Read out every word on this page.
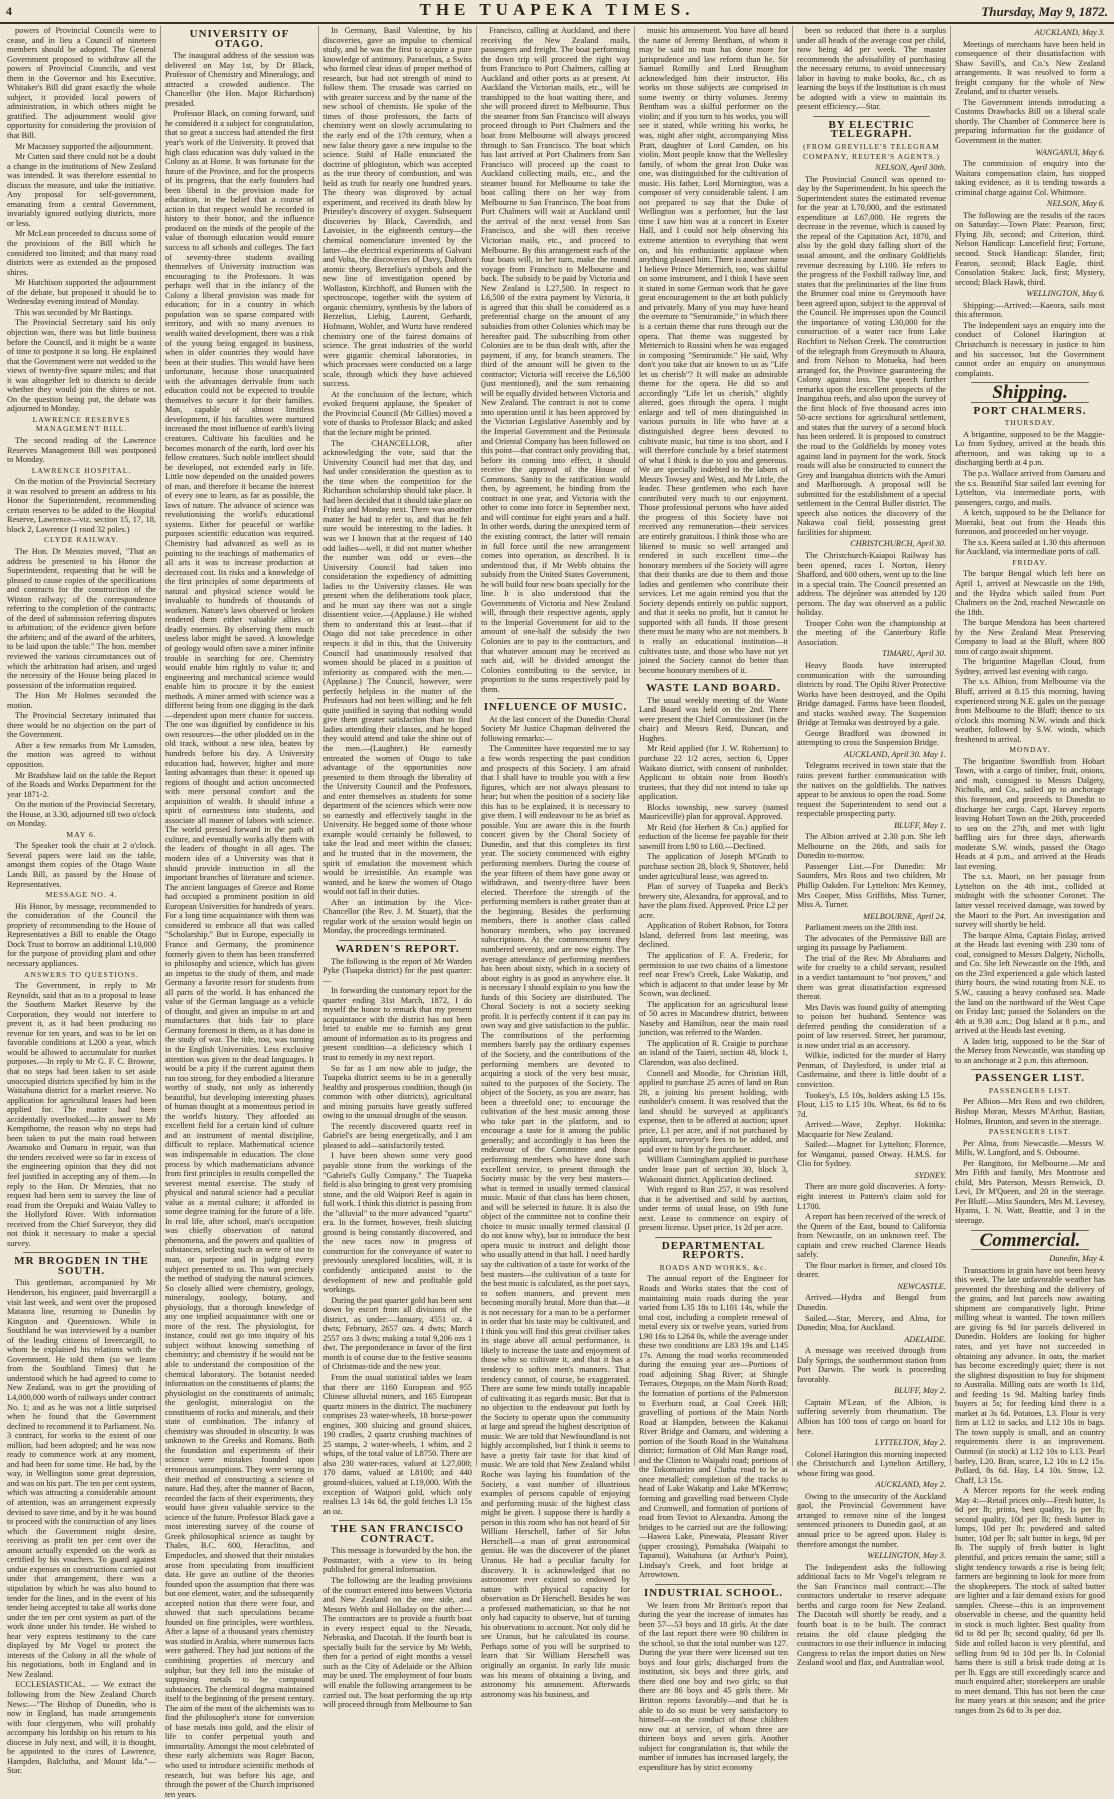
4	THE TUAPEKA TIMES.	Thursday, May 9, 1872.

powers of Provincial Councils were to cease, and in lieu a Council of nineteen members should be adopted. The General Government proposed to withdraw all the powers of Provincial Councils, and vest them in the Governor and his Executive. Whitaker's Bill did grant exactly the whole subject, it provided local powers of administration, in which others might be gratified. The adjournment would give opportunity for considering the provision of that Bill.

Mr Macassey supported the adjournment.

Mr Cutten said there could not be a doubt a change in the institutions of New Zealand was intended. It was therefore essential to discuss the measure, and take the initiative. Any proposal for self-government, emanating from a central Government, invariably ignored outlying districts, more or less.

Mr McLean proceeded to discuss some of the provisions of the Bill which he considered too limited; and that many road districts were as extended as the proposed shires.

Mr Hutchison supported the adjournment of the debate, but proposed it should be to Wednesday evening instead of Monday.

This was seconded by Mr Bastings.

The Provincial Secretary said his only objection was, there was but little business before the Council, and it might be a waste of time to postpone it so long. He explained that the Government were not wedded to the views of twenty-five square miles; and that it was altogether left to districts to decide whether they would join the shires or not. On the question being put, the debate was adjourned to Monday.

LAWRENCE RESERVES MANAGEMENT BILL.

The second reading of the Lawrence Reserves Management Bill was postponed to Monday.

LAWRENCE HOSPITAL.

On the motion of the Provincial Secretary it was resolved to present an address to his Honor the Superintendent, recommending certain reserves to be added to the Hospital Reserve, Lawrence—viz. section 15, 17, 18, block 2, Lawrence (1 rood 32 poles.)

CLYDE RAILWAY.

The Hon. Dr Menzies moved, "That an address be presented to his Honor the Superintendent, requesting that he will be pleased to cause copies of the specifications and contracts for the construction of the Winton railway; of the correspondence referring to the completion of the contracts; of the deed of submission referring disputes to arbitration; of the evidence given before the arbiters; and of the award of the arbiters, to be laid upon the table." The hon. member reviewed the various circumstances out of which the arbitration had arisen, and urged the necessity of the House being placed in possession of the information required.

The Hon Mr Holmes seconded the motion.

The Provincial Secretary intimated that there would be no objection on the part of the Government.

After a few remarks from Mr Lumsden, the motion was agreed to without opposition.

Mr Bradshaw laid on the table the Report of the Roads and Works Department for the year 1871-2.

On the motion of the Provincial Secretary, the House, at 3.30, adjourned till two o'clock on Monday.

MAY 6.

The Speaker took the chair at 2 o'clock. Several papers were laid on the table, amongst them copies of the Otago Waste Lands Bill, as passed by the House of Representatives.

MESSAGE NO. 4.

His Honor, by message, recommended to the consideration of the Council the propriety of recommending to the House of Representatives a Bill to enable the Otago Dock Trust to borrow an additional L10,000 for the purpose of providing plant and other necessary appliances.

ANSWERS TO QUESTIONS.

The Government, in reply to Mr Reynolds, said that as to a proposal to lease the Southern Market Reserve by the Corporation, they would not interfere to prevent it, as it had been producing no revenue for ten years, and was to be let on favorable conditions at L200 a year, which would be allowed to accumulate for market purposes.—In reply to Mr G. F. C. Browne, that no steps had been taken to set aside unoccupied districts specified by him in the Waitahuna district for a market reserve. No application for agricultural leases had been applied for. The matter had been accidentally overlooked.—In answer to Mr Kempthorne, the reason why no steps had been taken to put the main road between Awamoko and Oamaru in repair, was that the tenders received were so far in excess of the engineering opinion that they did not feel justified in accepting any of them.—In reply to the Hon. Dr Menzies, that no request had been sent to survey the line of road from the Orepuki and Waiau Valley to the Hollyford River. With information received from the Chief Surveyor, they did not think it necessary to make a special survey.

MR BROGDEN IN THE SOUTH.

This gentleman, accompanied by Mr Henderson, his engineer, paid Invercargill a visit last week, and went over the proposed Mataura line, returning to Dunedin by Kingston and Queenstown. While in Southland he was interviewed by a number of the leading citizens of Invercargill, to whom he explained his relations with the Government. He told them (so we learn from the Southland Times) that he understood which he had agreed to come to New Zealand, was to get the providing of L4,000,000 worth of railways under contract No. 1; and as he was not a little surprised when he found that the Government declined to recommend it to Parliament. No. 3 contract, for works to the extent of one million, had been adopted; and he was now ready to commence work at any moment, and had been for some time. He had, by the way, in Wellington some great depression, and was on his part. The ten per cent system, which was attracting a considerable amount of attention, was an arrangement expressly devised to save time, and by it he was bound to proceed with the construction of any lines which the Government might desire, receiving as profit ten per cent over the amount actually expended on the work as certified by his vouchers. To guard against undue expenses on constructions carried out under that arrangement, there was a stipulation by which he was also bound to tender for the lines, and in the event of his tender being accepted to take all works done under the ten per cent system as part of the work done under his tender. He wished to hear very express testimony to the care displayed by Mr Vogel to protect the interests of the Colony in all the whole of his negotiations, both in England and in New Zealand.

ECCLESIASTICAL. — We extract the following from the New Zealand Church News:—"The Bishop of Dunedin, who is now in England, has made arrangements with four clergymen, who will probably accompany his lordship on his return to his diocese in July next, and will, it is thought, be appointed to the cures of Lawrence, Hampden, Balclutha, and Mount Ida."—Star.

UNIVERSITY OF OTAGO.

The inaugural address of the session was delivered on May 1st, by Dr Black, Professor of Chemistry and Mineralogy, and attracted a crowded audience. The Chancellor (the Hon. Major Richardson) presided.

Professor Black, on coming forward, said he considered it a subject for congratulation, that so great a success had attended the first year's work of the University. It proved that high class education was duly valued in the Colony as at Home. It was fortunate for the future of the Province, and for the prospects of its progress, that the early founders had been liberal in the provision made for education, in the belief that a course of action in that respect would be recorded in history to their honor, and the influence produced on the minds of the people of the value of thorough education would ensure success to all schools and colleges. The fact of seventy-three students availing themselves of University instruction was encouraging to the Professors. It was perhaps well that in the infancy of the Colony a liberal provision was made for education; for in a country in which population was so sparse compared with territory, and with so many avenues to wealth waited development, there was a risk of the young being engaged in business, when in older countries they would have been at their studies. This would have been unfortunate, because those unacquainted with the advantages derivable from such education could not be expected to trouble themselves to secure it for their families. Man, capable of almost limitless development, if his faculties were nurtured increased the most influence of earth's living creatures. Cultivate his faculties and he becomes monarch of the earth, lord over his fellow creatures. Such noble intellect should be developed, not extended early in life. Little now depended on the unaided powers of man, and therefore it became the interest of every one to learn, as far as possible, the laws of nature. The advance of science was revolutionising the world's educational systems. Either for peaceful or warlike purposes scientific education was required. Chemistry had advanced as well as in pointing to the teachings of mathematics of all arts it was to increase production at decreased cost. Its risks and a knowledge of the first principles of some departments of natural and physical science would be invaluable to hundreds of thousands of workmen. Nature's laws observed or broken rendered them either valuable allies or deadly enemies. By observing them much useless labor might be saved. A knowledge of geology would often save a miner infinite trouble in searching for ore. Chemistry would enable him rightly to value it; and engineering and mechanical science would enable him to procure it by the easiest methods. A miner armed with science was a different being from one digging in the dark—dependent upon mere chance for success. The one was dignified by confidence in his own resources—the other plodded on in the old track, without a new idea, beaten by hundreds before his day. A University education had, however, higher and more lasting advantages than these: it opened up regions of thought and action unconnected with mere personal comfort and the acquisition of wealth. It should infuse a spirit of earnestness into students, and associate all manner of labors with science. The world pressed forward in the path of culture, and eventually works ally them with the leaders of thought in all ages. The modern idea of a University was that it should provide instruction in all the important branches of literature and science. The ancient languages of Greece and Rome had occupied a prominent position in old European Universities for hundreds of years. For a long time acquaintance with them was considered to embrace all that was called "Scholarship." But in Europe, especially in France and Germany, the prominence formerly given to them has been transferred to philosophy and science, which has given an impetus to the study of them, and made Germany a favorite resort for students from all parts of the world. It has enhanced the value of the German language as a vehicle of thought, and given an impulse to art and manufactures that bids fair to place Germany foremost in them, as it has done in the study of war. The tide, too, was turning in the English Universities. Less exclusive attention was given to the dead languages. It would be a pity if the current against them ran too strong, for they embodied a literature worthy of study, not only as inherently beautiful, but developing interesting phases of human thought at a momentous period in the world's history. They afforded an excellent field for a certain kind of culture and an instrument of mental discipline, difficult to replace. Mathematical science was indispensable in education. The close process by which mathematicians advance from first principles to results compelled the severest mental exercise. The study of physical and natural science had a peculiar value as a mental culture; it afforded in some degree training for the future of a life. In real life, after school, man's occupation was chiefly observation of natural phenomena, and the powers and qualities of substances, selecting such as were of use to man, or purpose and in judging every subject presented to us. This was precisely the method of studying the natural sciences. So closely allied were chemistry, geology, mineralogy, zoology, botany, and physiology, that a thorough knowledge of any one implied acquaintance with one or more of the rest. The physiologist, for instance, could not go into inquiry of his subject without knowing something of chemistry; and chemistry if he would not be able to understand the composition of the chemical laboratory. The botanist needed information on the constituents of plants; the physiologist on the constituents of animals; the geologist, mineralogist on the constituents of rocks and minerals, and their state of combination. The infancy of chemistry was shrouded in obscurity. It was unknown to the Greeks and Romans. Both the foundation and experiments of their science were mistakes founded upon erroneous assumptions. They were wrong in their method of constructing a science of nature. Had they, after the manner of Bacon, recorded the facts of their experiments, they would have given valuable service to the science of the future. Professor Black gave a most interesting survey of the course of Greek philosophical science as taught by Thales, B.C. 600, Heraclitus, and Empedocles, and showed that their mistakes arose from speculating from insufficient data. He gave an outline of the theories founded upon the assumption that there was but one element, water, and the subsequently accepted notion that there were four, and showed that such speculations became founded on fine principles, were worthless. After a lapse of a thousand years chemistry was studied in Arabia, where numerous facts were gathered. They had just notions of the combining properties of mercury and sulphur, but they fell into the mistake of supposing metals to be compound substances. The chemical dogma maintained itself to the beginning of the present century. The aim of the most of the alchemists was to find the philosopher's stone for conversion of base metals into gold, and the elixir of life to confer perpetual youth and immortality. Amongst the most celebrated of these early alchemists was Roger Bacon, who used to introduce scientific methods of research, but was before his age, and through the power of the Church imprisoned ten years.

In Germany, Basil Valentine, by his discoveries, gave an impulse to chemical study, and he was the first to acquire a pure knowledge of antimony. Paracelsus, a Swiss who formed clear ideas of proper method of research, but had not strength of mind to follow them. The crusade was carried on with greater success and by the name of the new school of chemists. He spoke of the times of those professors, the facts of chemistry went on slowly accumulating to the early end of the 17th century, when a new false theory gave a new impulse to the science. Stahl of Halle enunciated the doctrine of phlogiston, which was accepted as the true theory of combustion, and was held as truth for nearly one hundred years. The theory was disproved by actual experiment, and received its death blow by Priestley's discovery of oxygen. Subsequent discoveries by Black, Cavendish, and Lavoisier, in the eighteenth century—the chemical nomenclature invented by the latter—the electrical experiments of Galvani and Volta, the discoveries of Davy, Dalton's atomic theory, Berzelius's symbols and the new line of investigation opened by Wollaston, Kirchhoff, and Bunsen with the spectroscope, together with the system of organic chemistry, synthesis by the labors of Berzelius, Liebig, Laurent, Gerhardt, Hofmann, Wohler, and Wurtz have rendered chemistry one of the fairest domains of science. The great industries of the world were gigantic chemical laboratories, in which processes were conducted on a large scale, through which they have achieved success.

At the conclusion of the lecture, which evoked frequent applause, the Speaker of the Provincial Council (Mr Gillies) moved a vote of thanks to Professor Black; and asked that the lecture might be printed.

The CHANCELLOR, after acknowledging the vote, said that the University Council had met that day, and had under consideration the question as to the time when the competition for the Richardson scholarship should take place. It had been decided that it should take place on Friday and Monday next. There was another matter he had to refer to, and that he felt sure would be interesting to the ladies. It was we I known that at the request of 140 odd ladies—well, it did not matter whether the number was odd or even—the University Council had taken into consideration the expediency of admitting ladies to the University classes. He was present when the deliberations took place, and he must say there was not a single dissentient voice.—(Applause.) He wished them to understand this at least—that if Otago did not take precedence in other respects it did in this, that the University Council had unanimously resolved that women should be placed in a position of inferiority as compared with the men.—(Applause.) The Council, however, were perfectly helpless in the matter of the Professors had not been willing; and he felt quite justified in saying that nothing would give them greater satisfaction than to find ladies attending their classes, and he hoped they would attend and take the shine out of the men.—(Laughter.) He earnestly entreated the women of Otago to take advantage of the opportunities now presented to them through the liberality of the University Council and the Professors, and enter themselves as students for some department of the sciences which were now so earnestly and effectively taught in the University. He begged some of those whose example would certainly be followed, to take the lead and meet within the classes; and he trusted that in the movement, the spirit of emulation the movement which would be irresistible. An example was wanted, and he knew the women of Otago would not fall in their duties.

After an intimation by the Vice-Chancellor (the Rev. J. M. Stuart), that the regular work of the session would begin on Monday, the proceedings terminated.

WARDEN'S REPORT.

The following is the report of Mr Warden Pyke (Tuapeka district) for the past quarter:—

In forwarding the customary report for the quarter ending 31st March, 1872, I do myself the honor to remark that my present acquaintance with the district has not been brief to enable me to furnish any great amount of information as to its progress and present condition—a deficiency which I trust to remedy in my next report.

So far as I am now able to judge, the Tuapeka district seems to be in a generally healthy and prosperous condition, though (in common with other districts), agricultural and mining pursuits have greatly suffered owing to the unusual drought of the season.

The recently discovered quartz reef in Gabriel's are being energetically, and I am pleased to add—satisfactorily tested.

I have been shown some very good payable stone from the workings of the "Gabriel's Gully Company." The Tuapeka field is also bringing to great very promising stone, and the old Waipori Reef is again in full work. I think this district is passing from the "alluvial" to the more advanced "quartz" era. In the former, however, fresh sluicing ground is being constantly discovered, and the new races now in progress of construction for the conveyance of water to previously unexplored localities, will, it is confidently anticipated assist to the development of new and profitable gold workings.

During the past quarter gold has been sent down by escort from all divisions of the district, as under:—January, 4551 oz. 4 dwts; February, 2657 ozs. 4 dwts; March 2557 ozs 3 dwts; making a total 9,206 ozs 1 dwt. The preponderance in favor of the first month is of course due to the festive seasons of Christmas-tide and the new year.

From the usual statistical tables we learn that there are 1160 European and 955 Chinese alluvial miners, and 165 European quartz miners in the district. The machinery comprises 23 water-wheels, 18 horse-power engines, 300 sluicing and ground sluices, 190 cradles, 2 quartz crushing machines of 25 stamps, 2 water-wheels, 1 whim, and 2 whips, of the total value of L8750. There are also 230 water-races, valued at L27,000; 170 dams, valued at L8100; and 440 ground-sluices, valued at L19,000. With the exception of Waipori gold, which only realises L3 14s 6d, the gold fetches L3 15s an oz.

THE SAN FRANCISCO CONTRACT.

This message is forwarded by the hon. the Postmaster, with a view to its being published for general information.

The following are the leading provisions of the contract entered into between Victoria and New Zealand on the one side, and Messrs Webb and Holladay on the other:—The contractors are to provide a fourth boat in every respect equal to the Nevada, Nebraska, and Dacotah. If the fourth boat is specially built for the service by Mr Webb, then for a period of eight months a vessel such as the City of Adelaide or the Albion may be used. The employment of four boats will enable the following arrangement to be carried out. The boat performing the up trip will proceed through from Melbourne to San

Francisco, calling at Auckland, and there receiving the New Zealand mails, passengers and freight. The boat performing the down trip will proceed the right way from Francisco to Port Chalmers, calling at Auckland and other ports as at present. At Auckland the Victorian mails, etc., will be transhipped to the boat waiting there, and she will proceed direct to Melbourne. Thus the steamer from San Francisco will always proceed through to Port Chalmers and the boat from Melbourne will always proceed through to San Francisco. The boat which has last arrived at Port Chalmers from San Francisco will proceed up the coast to Auckland collecting mails, etc., and the steamer bound for Melbourne to take the boat calling there on her way from Melbourne to San Francisco. The boat from Port Chalmers will wait at Auckland until the arrival of the next vessel from San Francisco, and she will then receive Victorian mails, etc., and proceed to Melbourne. By this arrangement each of the four boats will, in her turn, make the round voyage from Francisco to Melbourne and back. The subsidy to be paid by Victoria and New Zealand is L27,500. In respect to L6,500 of the extra payment by Victoria, it is agreed that this shall be considered as a preferential charge on the amount of any subsidies from other Colonies which may be hereafter paid. The subscribing from other Colonies are to be thus dealt with, after the payment, if any, for branch steamers. The third of the amount will be given to the contractor; Victoria will receive the L6,500 (just mentioned), and the sum remaining will be equally divided between Victoria and New Zealand. The contract is not to come into operation until it has been approved by the Victorian Legislative Assembly and by the Imperial Government and the Peninsula and Oriental Company has been followed on this point—that contract only providing that, before its coming into effect, it should receive the approval of the House of Commons. Sanity to the ratification would then, by agreement, be binding from the contract in one year, and Victoria with the other to come into force in September next, and will continue for eight years and a half. In other words, during the unexpired term of the existing contract, the latter will remain in full force until the new arrangement comes into operation, as described. It is understood that, if Mr Webb obtains the subsidy from the United States Government, he will build four new boats specially for the line. It is also understood that the Governments of Victoria and New Zealand will, through their respective agents, apply to the Imperial Government for aid to the amount of one-half the subsidy the two Colonies are to pay to the contractors, and that whatever amount may be received as such aid, will be divided amongst the Colonies contributing to the service, in proportion to the sums respectively paid by them.

INFLUENCE OF MUSIC.

At the last concert of the Dunedin Choral Society Mr Justice Chapman delivered the following remarks:—

The Committee have requested me to say a few words respecting the past condition and prospects of this Society. I am afraid that I shall have to trouble you with a few figures, which are not always pleasant to hear; but when the position of a society like this has to be explained, it is necessary to give them. I will endeavour to be as brief as possible. You are aware this is the fourth concert given by the Choral Society of Dunedin, and that this completes its first year. The society commenced with eighty performing members. During the course of the year fifteen of them have gone away or withdrawn, and twenty-three have been elected. Therefore the strength of the performing members is rather greater than at the beginning. Besides the performing members, there is another class called honorary members, who pay increased subscriptions. At the commencement they numbered seventy, and are now eighty. The average attendance of performing members has been about sixty, which in a society of about eighty is as good as anywhere else. It is necessary I should explain to you how the funds of this Society are distributed. The Choral Society is not a society seeking profit. It is perfectly content if it can pay its own way and give satisfaction to the public. The contributions of the performing members barely pay the ordinary expenses of the Society, and the contributions of the performing members are devoted to acquiring a stock of the very best music, suited to the purposes of the Society. The object of the Society, as you are aware, has been a threefold one; to encourage the cultivation of the best music among those who take part in the platform, and to encourage a taste for it among the public generally; and accordingly it has been the endeavour of the Committee and those performing members who have done such excellent service, to present through the Society music by the very best masters—what is termed in usually termed classical music. Music of that class has been chosen, and will be selected in future. It is also the object of the committee not to confine their choice to music usually termed classical (I do not know why), but to introduce the best opera music to instruct and delight those who usually attend in that hall. I need hardly say the cultivation of a taste for works of the best masters—the cultivation of a taste for the best music is calculated, as the poet says, to soften manners, and prevent men becoming morally brutal. More than that—it is not necessary for a man to be a performer in order that his taste may be cultivated, and I think you will find this great civiliser takes its stage above all actual performance, is likely to increase the taste and enjoyment of those who so cultivate it, and that it has a tendency to soften men's manners. That tendency cannot, of course, be exaggerated. There are some few minds totally incapable of cultivating it as regards music. But that is no objection to the endeavour put forth by the Society to operate upon the community at large and spread the highest description of music. We are told that Newfoundland is not highly accomplished, but I think it seems to have a pretty fair taste for that kind of music. We are told that New Zealand whilst Roche was laying his foundation of the Society, a vast number of illustrious examples of persons capable of enjoying and performing music of the highest class might be given. I suppose there is hardly a person in this room who has not heard of Sir William Herschell, father of Sir John Herschell—a man of great astronomical genius. He was the discoverer of the planet Uranus. He had a peculiar faculty for discovery. It is acknowledged that no astronomer ever existed so endowed by nature with physical capacity for observation as Dr Herschell. Besides he was a professed mathematician, so that he not only had capacity to observe, but of turning his observations to account. Not only did he see Uranus, but he calculated its course. Perhaps some of you will be surprised to learn that Sir William Herschell was originally an organist. In early life music was his means of obtaining a living, and astronomy his amusement. Afterwards astronomy was his business, and

music his amusement. You have all heard the name of Jeremy Bentham, of whom it may be said no man has done more for jurisprudence and law reform than he. Sir Samuel Romilly and Lord Brougham acknowledged him their instructor. His works on those subjects are comprised in some twenty or thirty volumes. Jeremy Bentham was a skilful performer on the violin; and if you turn to his works, you will see it stated, while writing his works, he was, night after night, accompanying Miss Pratt, daughter of Lord Camden, on his violin. Most people know that the Wellesley family, of whom the great Iron Duke was one, was distinguished for the cultivation of music. His father, Lord Mornington, was a composer of very considerable talent. I am not prepared to say that the Duke of Wellington was a performer, but the last time I saw him was at a concert in Exeter Hall, and I could not help observing his extreme attention to everything that went on, and his enthusiastic applause when anything pleased him. There is another name I believe Prince Metternich, too, was skilful on some instrument, and I think I have seen it stated in some German work that he gave great encouragement to the art both publicly and privately. Many of you may have heard the overture to "Semiramide," in which there is a certain theme that runs through out the opera. That theme was suggested by Metternich to Rossini when he was engaged in composing "Semiramide." He said, Why don't you take that air known to us as "Life let us cherish"? It will make an admirable theme for the opera. He did so and accordingly "Life let us cherish," slightly altered, goes through the opera. I might enlarge and tell of men distinguished in various pursuits in life who have at a distinguished degree been devoted to cultivate music, but time is too short, and I will therefore conclude by a brief statement of what I think is due to you and generous. We are specially indebted to the labors of Messrs Towsey and West, and Mr Little, the leader. These gentlemen who each have contributed very much to our enjoyment. Those professional persons who have aided the progress of this Society have not received any remuneration—their services are entirely gratuitous. I think those who are likened to music so well arranged and rendered in such excellent time—the honorary members of the Society will agree that their thanks are due to them and those ladies and gentlemen who contribute their services. Let me again remind you that the Society depends entirely on public support, and that it seeks no profit, but it cannot be supported with all funds. If those present there must be many who are not members. It is really an educational institution—it cultivates taste, and those who have not yet joined the Society cannot do better than become honorary members of it.

WASTE LAND BOARD.

The usual weekly meeting of the Waste Land Board was held on the 2nd. There were present the Chief Commissioner (in the chair) and Messrs Reid, Duncan, and Hughes.

Mr Reid applied (for J. W. Robertson) to purchase 22 1/2 acres, section 6, Upper Waikato district, with consent of runholder. Applicant to obtain note from Booth's trustees, that they did not intend to take up application.

Blocks township, new survey (named Mauriceville) plan for approval. Approved.

Mr Reid (for Herbert & Co.) applied for reduction of the license fee payable for their sawmill from L90 to L60.—Declined.

The application of Joseph M'Grath to purchase section 28, block 9, Shotover, held under agricultural lease, was agreed to.

Plan of survey of Tuapeka and Beck's brewery site, Alexandra, for approval, and to have the plans fixed. Approved. Price L2 per acre.

Application of Robert Robson, for Totora Island, deferred from last meeting, was declined.

The application of F. A. Frederic, for permission to use two chains of a limestone reef near Frew's Creek, Lake Wakatip, and which is adjacent to that under lease by Mr Scown, was declined.

The application for an agricultural lease of 50 acres in Macandrew district, between Naseby and Hamilton, near the main road junction, was referred to the Warden.

The application of R. Craigie to purchase an island of the Taieri, section 48, block 1, Clarendon, was also declined.

Connell and Moodie, for Christian Hill, applied to purchase 25 acres of land on Run 28, a joining his present holding, with runholder's consent. It was resolved that the land should be surveyed at applicant's expense, then to be offered at auction; upset price, L1 per acre, and if not purchased by applicant, surveyor's fees to be added, and paid over to him by the purchaser.

William Cunningham applied to purchase under lease part of section 30, block 3, Wakouaiti district. Application declined.

With regard to Run 257, it was resolved that it be advertised and sold by auction, under terms of usual lease, on 19th June next. Lease to commence on expiry of present license. Upset price, 1s 2d per acre.

DEPARTMENTAL REPORTS.
ROADS AND WORKS, &c.

The annual report of the Engineer for Roads and Works states that the cost of maintaining main roads during the year varied from L35 18s to L101 14s, while the total cost, including a complete renewal of metal every six or twelve years, varied from L90 16s to L264 0s, while the average under these two conditions are L83 19s and L145 17s. Among the road works recommended during the ensuing year are—Portions of road adjoining Shag River; at Shingle Terraces, Otepopo, on the Main North Road; the formation of portions of the Palmerston to Everburn road, at Coal Creek Hill; gravelling of portions of the Main North Road at Hampden, between the Kakanui River Bridge and Oamaru, and widening a portion of the South Road in the Waitahuna district; formation of Old Man Range road, and the Clinton to Waipahi road; portions of the Tokomairiro and Clutha road to be at once metalled; completion of the tracks to head of Lake Wakatip and Lake M'Kerrow; forming and gravelling road between Clyde and Cromwell, and formation of portions of road from Teviot to Alexandra. Among the bridges to be carried out are the following:—Hawea Lake, Pinewaia, Pleasant River (upper crossing), Pomahaka (Waipahi to Tapanui), Waitahuna (at Arthur's Point), Lindsay's Creek, and foot bridge at Arrowtown.

INDUSTRIAL SCHOOL.

We learn from Mr Britton's report that during the year the increase of inmates has been 57—53 boys and 18 girls. At the date of the last report there were 90 children in the school, so that the total number was 127. During the year there were licensed out ten boys and four girls; discharged from the institution, six boys and three girls, and there died one boy and two girls; so that there are 86 boys and 45 girls there. Mr Britton reports favorably—and that he is able to do so must be very satisfactory to himself—on the conduct of those children now out at service, of whom three are thirteen boys and seven girls. Another subject for congratulation is, that while the number of inmates has increased largely, the expenditure has by strict economy

been so reduced that there is a surplus under all heads of the average cost per child, now being 4d per week. The master recommends the advisability of purchasing the necessary returns, to avoid unnecessary labor in having to make books, &c., ch as learning the boys if the Institution is ch must be adopted with a view to maintain its present efficiency.—Star.

BY ELECTRIC TELEGRAPH.
(FROM GREVILLE'S TELEGRAM COMPANY, REUTER'S AGENTS.)
NELSON, April 30th.

The Provincial Council was opened to-day by the Superintendent. In his speech the Superintendent states the estimated revenue for the year at L70,000, and the estimated expenditure at L67,000. He regrets the decrease in the revenue, which is caused by the repeal of the Capitation Act, 1870, and also by the gold duty falling short of the usual amount, and the ordinary Goldfields revenue decreasing by L100. He refers to the progress of the Foxhill railway line, and states that the preliminaries of the line from the Brunner coal mine to Greymouth have been agreed upon, subject to the approval of the Council. He impresses upon the Council the importance of voting L30,000 for the construction of a water race from Lake Rochfort to Nelson Creek. The construction of the telegraph from Greymouth to Ahaura, and from Nelson to Motueka, had been arranged for, the Province guaranteeing the Colony against loss. The speech further remarks upon the excellent prospects of the Inangahua reefs, and also upon the survey of the first block of five thousand acres into 50-acre sections for agricultural settlement, and states that the survey of a second block has been ordered. It is proposed to construct the road to the Goldfields by money votes against land in payment for the work. Stock roads will also be constructed to connect the Grey and Inangahua districts with the Amuri and Marlborough. A proposal will be submitted for the establishment of a special settlement in the Central Buller district. The speech also notices the discovery of the Nakawa coal field, possessing great facilities for shipment.

CHRISTCHURCH, April 30.

The Christchurch-Kaiapoi Railway has been opened, races I. Norton, Henry Shafford, and 600 others, went up to the line in a special train. The Council presented an address. The déjeûner was attended by 120 persons. The day was observed as a public holiday.

Trooper Cohn won the championship at the meeting of the Canterbury Rifle Association.

TIMARU, April 30.

Heavy floods have interrupted communication with the surrounding districts by road. The Opihi River Protective Works have been destroyed, and the Opihi Bridge damaged. Farms have been flooded, and stacks washed away. The Suspension Bridge at Temuka was destroyed by a gale.

George Bradford was drowned in attempting to cross the Suspension Bridge.

AUCKLAND, April 30. May 1.

Telegrams received in town state that the rains prevent further communication with the natives on the goldfields. The natives appear to be anxious to open the road. Some request the Superintendent to send out a respectable prospecting party.

BLUFF, May 1.

The Albion arrived at 2.30 p.m. She left Melbourne on the 26th, and sails for Dunedin to-morrow.

Passenger List.—For Dunedin: Mr Saunders, Mrs Ross and two children, Mr Phillip Oakden. For Lyttelton: Mrs Kenney, Mrs Cooper, Miss Griffiths, Miss Turner, Miss A. Turner.

MELBOURNE, April 24.

Parliament meets on the 28th inst.

The advocates of the Permissive Bill are urging its passage by Parliament.

The trial of the Rev. Mr Abrahams and wife for cruelty to a child servant, resulted in a verdict tantamount to "not proven," and there was great dissatisfaction expressed thereat.

Mrs Davis was found guilty of attempting to poison her husband. Sentence was deferred pending the consideration of a point of law reserved. Street, her paramour, is now under trial as an accessory.

Wilkie, indicted for the murder of Harry Penman, of Daylesford, is under trial at Castlemaine, and there is little doubt of a conviction.

Tookey's, L5 10s, holders asking L5 15s. Flour, L15 to L15 10s. Wheat, 6s 6d to 6s 7d.

Arrived:—Wave, Zephyr. Hokitika: Macquarie for New Zealand.

Sailed:—Magnet for Lyttelton; Florence, for Wanganui, passed Otway. H.M.S. for Clio for Sydney.

SYDNEY.

There are more gold discoveries. A forty-eight interest in Pattern's claim sold for L1700.

A report has been received of the wreck of the Queen of the East, bound to California from Newcastle, on an unknown reef. The captain and crew reached Clarence Heads safely.

The flour market is firmer, and closed 10s dearer.

NEWCASTLE.

Arrived.—Hydra and Bengal from Dunedin.

Sailed.—Star, Mercey, and Alma, for Dunedin; Moa, for Auckland.

ADELAIDE.

A message was received through from Daly Springs, the southernmost station from Port Darwin. The work is proceeding favorably.

BLUFF, May 2.

Captain M'Lean, of the Albion, is suffering severely from rheumatism. The Albion has 100 tons of cargo on board for here.

LYTTELTON, May 2.

Colonel Harington this morning inspected the Christchurch and Lyttelton Artillery, whose firing was good.

AUCKLAND, May 2.

Owing to the unsecurity of the Auckland gaol, the Provincial Government have arranged to remove nine of the longest sentenced prisoners to Dunedin gaol, at an annual price to be agreed upon. Haley is therefore amongst the number.

WELLINGTON, May 3.

The Independent asks the following additional facts to Mr Vogel's telegram re the San Francisco mail contract:—The contractors undertake to reserve adequate berths and cargo room for New Zealand. The Dacotah will shortly be ready, and a fourth boat is to be built. The contract retains the old clause pledging the contractors to use their influence in inducing Congress to relax the import duties on New Zealand wool and flax, and Australian wool.

AUCKLAND, May 3.

Meetings of merchants have been held in consequence of their dissatisfaction with Shaw Savill's, and Co.'s New Zealand arrangements. It was resolved to form a freight company for the whole of New Zealand, and to charter vessels.

The Government intends introducing a Customs Drawbacks Bill on a liberal scale shortly. The Chamber of Commerce here is preparing information for the guidance of Government in the matter.

WANGANUI, May 6.

The commission of enquiry into the Waitara compensation claim, has stopped taking evidence, as it is tending towards a criminal charge against Col. Whitmore.

NELSON, May 6.

The following are the results of the races on Saturday:—Town Plate: Pearson, first; Flying Jib, second; and Criterion, third. Nelson Handicap: Lancefield first; Fortune, second. Stock Handicap: Slander, first; Fearon, second; Black Eagle, third. Consolation Stakes: Jack, first; Mystery, second; Black Hawk, third.

WELLINGTON, May 6.

Shipping:—Arrived:—Kaeora, sails most this afternoon.

The Independent says an enquiry into the conduct of Colonel Harington at Christchurch is necessary in justice to him and his successor, but the Government cannot order an enquiry on anonymous complaints.

Shipping.
PORT CHALMERS.
THURSDAY.

A brigantine, supposed to be the Maggie-Lu from Sydney, arrived at the heads this afternoon, and was taking up to a discharging berth at 4 p.m.

The p.s. Wallace arrived from Oamaru and the s.s. Beautiful Star sailed last evening for Lyttelton, via intermediate ports, with passengers, cargo, and mails.

A ketch, supposed to be the Deliance for Moeraki, beat out from the Heads this forenoon, and proceeded on her voyage.

The s.s. Keera sailed at 1.30 this afternoon for Auckland, via intermediate ports of call.

FRIDAY.

The barque Bengal which left here on April 1, arrived at Newcastle on the 19th, and the Hydra which sailed from Port Chalmers on the 2nd, reached Newcastle on the 18th.

The barque Mendoza has been chartered by the New Zealand Meat Preserving Company to load at the Bluff, where 800 tons of cargo await shipment.

The brigantine Magellan Cloud, from Sydney, arrived last evening with cargo.

The s.s. Albion, from Melbourne via the Bluff, arrived at 8.15 this morning, having experienced strong N.E. gales on the passage from Melbourne to the Bluff; thence to six o'clock this morning N.W. winds and thick weather, followed by S.W. winds, which freshened to arrival.

MONDAY.

The brigantine Swordfish from Hobart Town, with a cargo of timber, fruit, onions, and malt, consigned to Messrs Dalgety, Nicholls, and Co., sailed up to anchorage this forenoon, and proceeds to Dunedin to discharge her cargo. Capt. Harvey reports leaving Hobart Town on the 26th, proceeded to sea on the 27th, and met with light baffling airs for three days, afterwards moderate S.W. winds, passed the Otago Heads at 4 p.m., and arrived at the Heads last evening.

The s.s. Maori, on her passage from Lyttelton on the 4th inst., collided at midnight with the schooner Coronet. The latter vessel received damage, was towed by the Maori to the Port. An investigation and survey will shortly be held.

The barque Alma, Captain Finlay, arrived at the Heads last evening with 230 tons of coal, consigned to Messrs Dalgety, Nicholls, and Co. She left Newcastle on the 19th, and on the 23rd experienced a gale which lasted thirty hours, the wind rotating from N.E. to S.W., causing a heavy confused sea. Made the land on the northward of the West Cape on Friday last; passed the Solanders on the 4th at 9.30 a.m.; Dog Island at 8 p.m., and arrived at the Heads last evening.

A laden brig, supposed to be the Star of the Mersey from Newcastle, was standing up to an anchorage at 2 p.m. this afternoon.

PASSENGER LIST.
PASSENGERS LIST.

Per Albion—Mrs Ross and two children, Bishop Moran, Messrs M'Arthur, Bastian, Holmes, Brunton, and seven in the steerage.

PASSENGERS LIST.

Per Alma, from Newcastle.—Messrs W. Mills, W. Langford, and S. Osbourne.

Per Rangitoto, for Melbourne.—Mr and Mrs Fifth and family, Mrs Montrose and child, Mrs Paterson, Messrs Renwick, D. Levi, Dr M'Queen, and 20 in the steerage. Per Bluff.—Miss Saunders, Mrs M. Levesey, Hyams, I. N. Watt, Beattie, and 3 in the steerage.

Commercial.
Dunedin, May 4.

Transactions in grain have not been heavy this week. The late unfavorable weather has prevented the threshing and the delivery of the grains, and but parcels now awaiting shipment are comparatively light. Prime milling wheat is wanted. The town millers are giving 6s 9d for parcels delivered in Dunedin. Holders are looking for higher rates, and yet have not succeeded in obtaining any advance. In oats, the market has become exceedingly quiet; there is not the slightest disposition to buy for shipment to Australia. Milling oats are worth 1s 11d, and feeding 1s 9d. Malting barley finds buyers at 5s; for feeding kind there is a market at 3s 6d. Potatoes, L3. Flour is very firm at L12 in sacks, and L12 10s in bags. The town supply is small, and an country requirements there is an improvement. Oatmeal (in stock) at L12 10s to L13. Pearl barley, L20. Bran, scarce, L2 10s to L2 15s. Pollard, 8s 6d. Hay, L4 10s. Straw, L2. Chaff, L3 15s.

A Mercer reports for the week ending May 4:—Retail prices only—Fresh butter, 1s 6d per lb; prints, best quality, 1s per lb; second quality, 10d per lb; fresh butter in lumps, 10d per lb; powdered and salted butter, 10d per lb; salt butter in kegs, 9d per lb. The supply of fresh butter is light plentiful, and prices remain the same; still a slight tendency towards a rise is being felt; farmers are beginning to look for more from the shopkeepers. The stock of salted butter are lighter and a fair demand exists for good samples. Cheese—this is an improvement observable in cheese, and the quantity held in stock is much lighter. Best quality from 6d to 8d per lb; second quality, 6d per lb. Side and rolled bacon is very plentiful, and selling from 9d to 10d per lb. In Colonial hams there is still a brisk trade doing at 1s per lb. Eggs are still exceedingly scarce and much enquired after; storekeepers are unable to meet demand. This has not been the case for many years at this season; and the price ranges from 2s 6d to 3s per doz.
